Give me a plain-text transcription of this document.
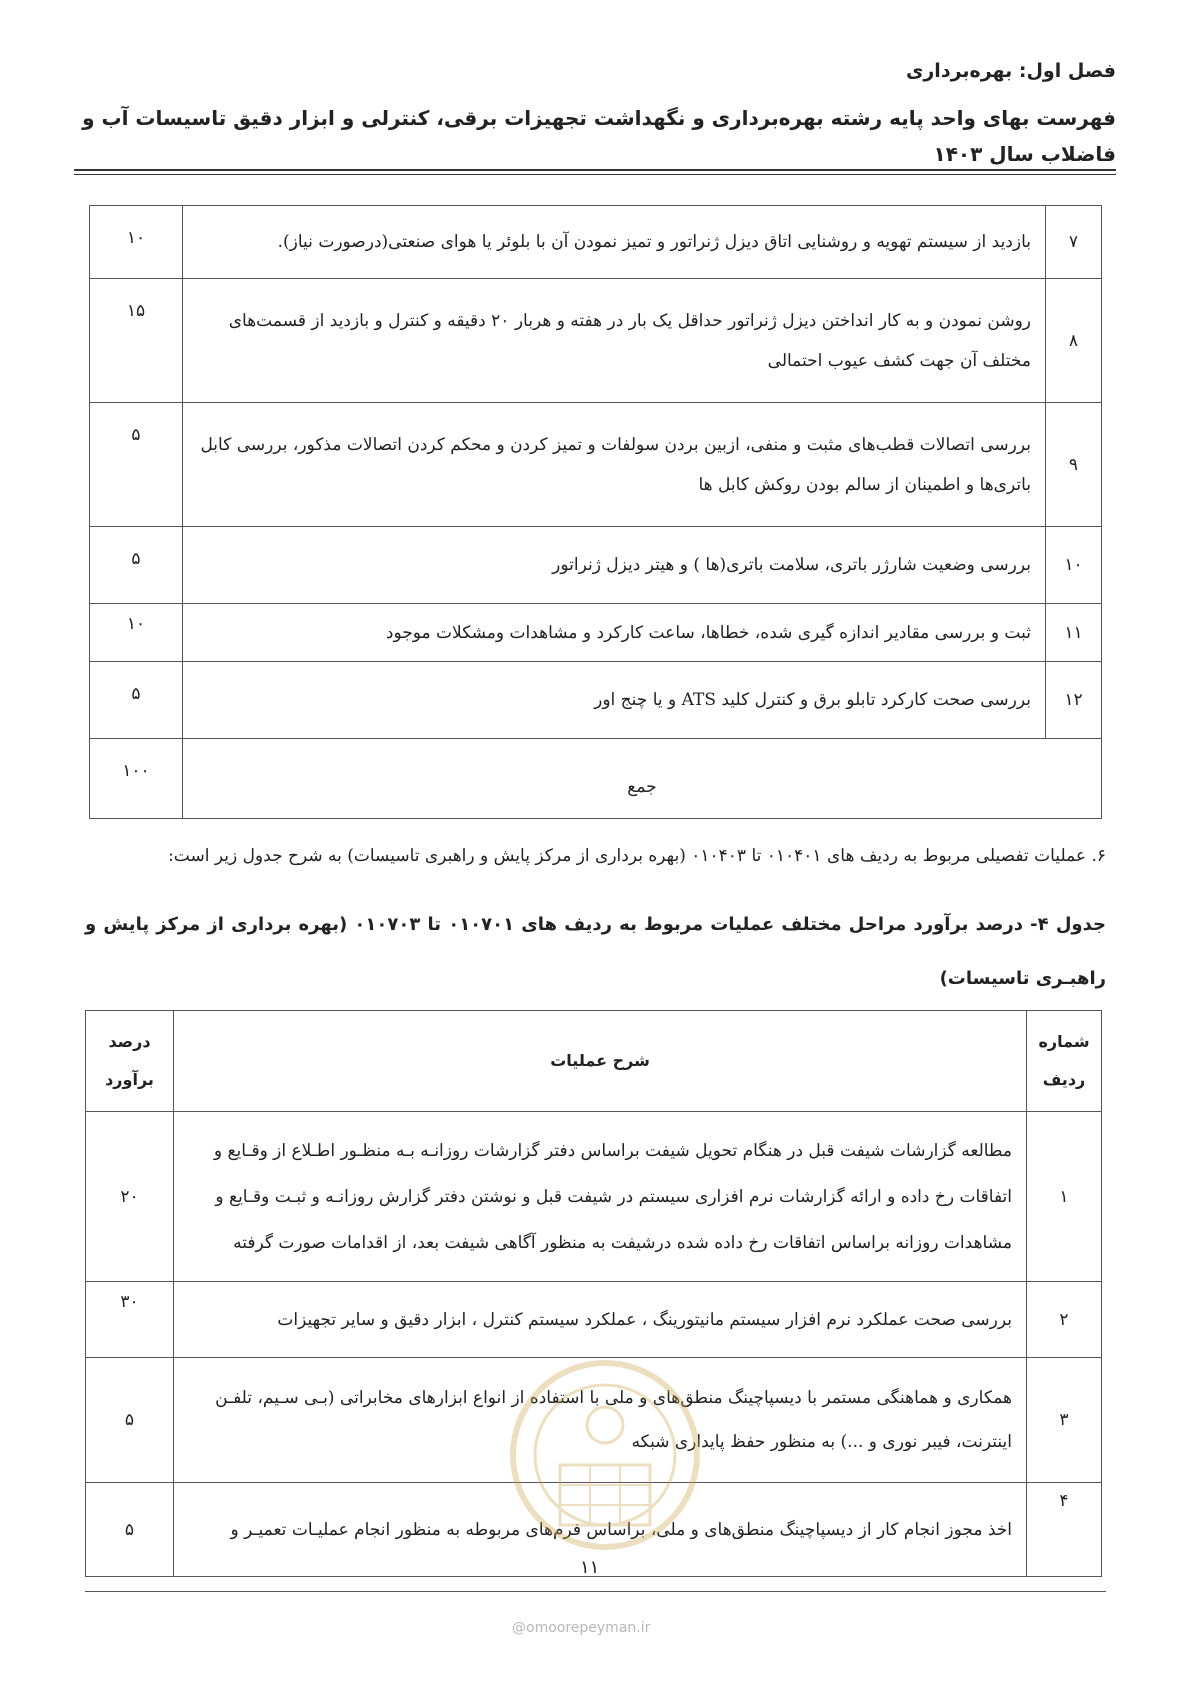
فصل اول: بهره‌برداری
فهرست بهای واحد پایه رشته بهره‌برداری و نگهداشت تجهیزات برقی، کنترلی و ابزار دقیق تاسیسات آب و فاضلاب سال ۱۴۰۳
۷	بازدید از سیستم تهویه و روشنایی اتاق دیزل ژنراتور و تمیز نمودن آن با بلوئر یا هوای صنعتی(درصورت نیاز).	۱۰
۸	روشن نمودن و به کار انداختن دیزل ژنراتور حداقل یک بار در هفته و هربار ۲۰ دقیقه و کنترل و بازدید از قسمت‌های مختلف آن جهت کشف عیوب احتمالی	۱۵
۹	بررسی اتصالات قطب‌های مثبت و منفی، ازبین بردن سولفات و تمیز کردن و محکم کردن اتصالات مذکور، بررسی کابل باتری‌ها و اطمینان از سالم بودن روکش کابل ها	۵
۱۰	بررسی وضعیت شارژر باتری، سلامت باتری(ها ) و هیتر دیزل ژنراتور	۵
۱۱	ثبت و بررسی مقادیر اندازه گیری شده، خطاها، ساعت کارکرد و مشاهدات ومشکلات موجود	۱۰
۱۲	بررسی صحت کارکرد تابلو برق و کنترل کلید ATS و یا چنج اور	۵
جمع		۱۰۰
۶. عملیات تفصیلی مربوط به ردیف های ۰۱۰۴۰۱ تا ۰۱۰۴۰۳ (بهره برداری از مرکز پایش و راهبری تاسیسات) به شرح جدول زیر است:
جدول ۴- درصد برآورد مراحل مختلف عملیات مربوط به ردیف های ۰۱۰۷۰۱ تا ۰۱۰۷۰۳ (بهره برداری از مرکز پایش و راهبـری تاسیسات)
شماره ردیف	شرح عملیات	درصد برآورد
۱	مطالعه گزارشات شیفت قبل در هنگام تحویل شیفت براساس دفتر گزارشات روزانـه بـه منظـور اطـلاع از وقـایع و اتفاقات رخ داده و ارائه گزارشات نرم افزاری سیستم در شیفت قبل و نوشتن دفتر گزارش روزانـه و ثبـت وقـایع و مشاهدات روزانه براساس اتفاقات رخ داده شده درشیفت به منظور آگاهی شیفت بعد، از اقدامات صورت گرفته	۲۰
۲	بررسی صحت عملکرد نرم افزار سیستم مانیتورینگ ، عملکرد سیستم کنترل ، ابزار دقیق و سایر تجهیزات	۳۰
۳	همکاری و هماهنگی مستمر با دیسپاچینگ منطق‌های و ملی با استفاده از انواع ابزارهای مخابراتی (بـی سـیم، تلفـن اینترنت، فیبر نوری و ...) به منظور حفظ پایداری شبکه	۵
۴	اخذ مجوز انجام کار از دیسپاچینگ منطق‌های و ملی، براساس فرم‌های مربوطه به منظور انجام عملیـات تعمیـر و	۵
۱۱
@omoorepeyman.ir
